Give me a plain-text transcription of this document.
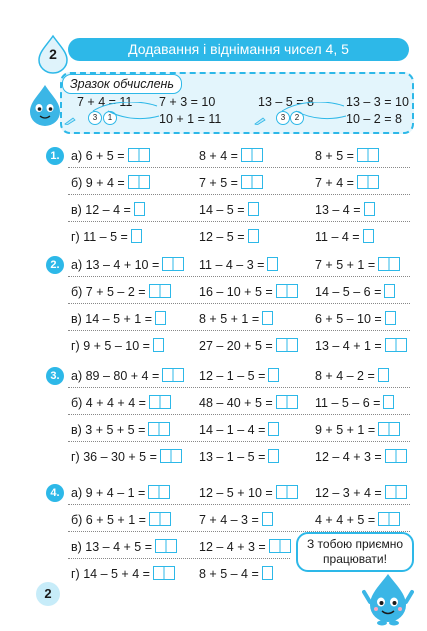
2	Додавання і віднімання чисел 4, 5
Зразок обчислень
7 + 4 = 11
3	1
7 + 3 = 10
10 + 1 = 11
13 – 5 = 8
3	2
13 – 3 = 10
10 – 2 = 8
1. а) 6 + 5 =	8 + 4 =	8 + 5 =
б) 9 + 4 =	7 + 5 =	7 + 4 =
в) 12 – 4 =	14 – 5 =	13 – 4 =
г) 11 – 5 =	12 – 5 =	11 – 4 =
2. а) 13 – 4 + 10 =	11 – 4 – 3 =	7 + 5 + 1 =
б) 7 + 5 – 2 =	16 – 10 + 5 =	14 – 5 – 6 =
в) 14 – 5 + 1 =	8 + 5 + 1 =	6 + 5 – 10 =
г) 9 + 5 – 10 =	27 – 20 + 5 =	13 – 4 + 1 =
3. а) 89 – 80 + 4 =	12 – 1 – 5 =	8 + 4 – 2 =
б) 4 + 4 + 4 =	48 – 40 + 5 =	11 – 5 – 6 =
в) 3 + 5 + 5 =	14 – 1 – 4 =	9 + 5 + 1 =
г) 36 – 30 + 5 =	13 – 1 – 5 =	12 – 4 + 3 =
4. а) 9 + 4 – 1 =	12 – 5 + 10 =	12 – 3 + 4 =
б) 6 + 5 + 1 =	7 + 4 – 3 =	4 + 4 + 5 =
в) 13 – 4 + 5 =	12 – 4 + 3 =
г) 14 – 5 + 4 =	8 + 5 – 4 =
З тобою приємно
працювати!
2
